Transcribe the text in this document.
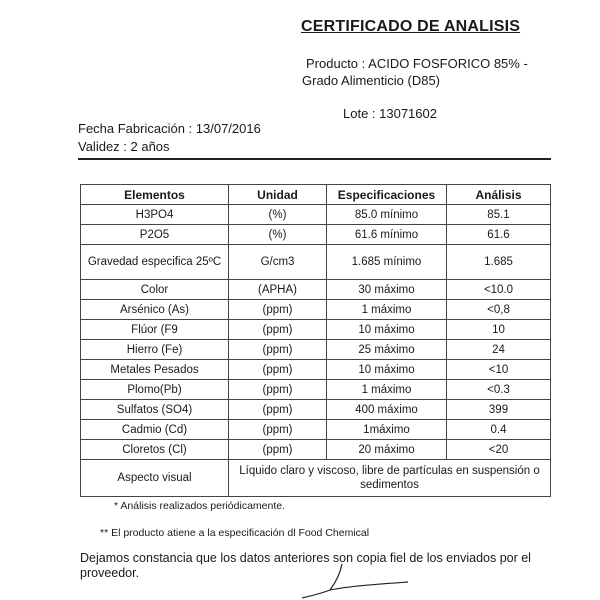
CERTIFICADO DE ANALISIS
Producto : ACIDO FOSFORICO 85% -
Grado Alimenticio (D85)
Lote : 13071602
Fecha Fabricación : 13/07/2016
Validez : 2 años
Elementos	Unidad	Especificaciones	Análisis
H3PO4	(%)	85.0 mínimo	85.1
P2O5	(%)	61.6 mínimo	61.6
Gravedad especifica 25ºC	G/cm3	1.685 mínimo	1.685
Color	(APHA)	30 máximo	<10.0
Arsénico (As)	(ppm)	1 máximo	<0,8
Flúor (F9	(ppm)	10 máximo	10
Hierro (Fe)	(ppm)	25 máximo	24
Metales Pesados	(ppm)	10 máximo	<10
Plomo(Pb)	(ppm)	1 máximo	<0.3
Sulfatos (SO4)	(ppm)	400 máximo	399
Cadmio (Cd)	(ppm)	1máximo	0.4
Cloretos (Cl)	(ppm)	20 máximo	<20
Aspecto visual	Líquido claro y viscoso, libre de partículas en suspensión o sedimentos		
* Análisis realizados periódicamente.
** El producto atiene a la especificación dl Food Chemical
Dejamos constancia que los datos anteriores son copia fiel de los enviados por el proveedor.
